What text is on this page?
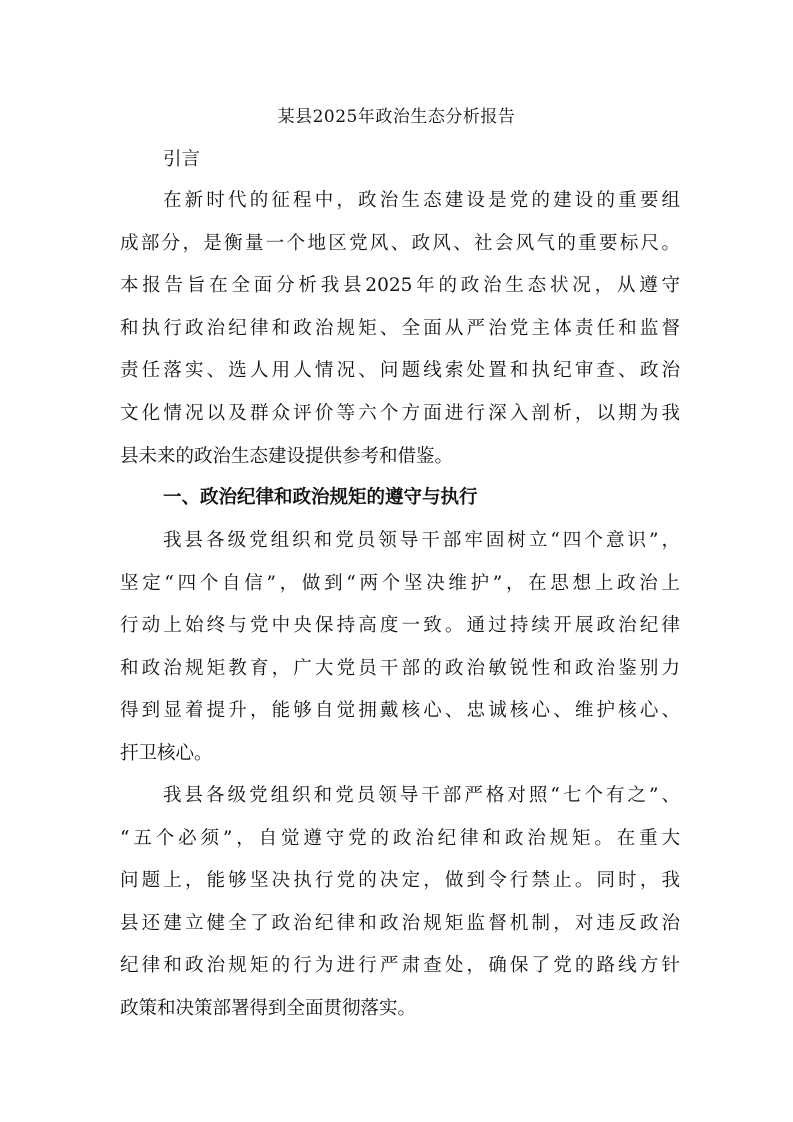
某县2025年政治生态分析报告
引言
在新时代的征程中，政治生态建设是党的建设的重要组
成部分，是衡量一个地区党风、政风、社会风气的重要标尺。
本报告旨在全面分析我县2025年的政治生态状况，从遵守
和执行政治纪律和政治规矩、全面从严治党主体责任和监督
责任落实、选人用人情况、问题线索处置和执纪审查、政治
文化情况以及群众评价等六个方面进行深入剖析，以期为我
县未来的政治生态建设提供参考和借鉴。
一、政治纪律和政治规矩的遵守与执行
我县各级党组织和党员领导干部牢固树立“四个意识”，
坚定“四个自信”，做到“两个坚决维护”，在思想上政治上
行动上始终与党中央保持高度一致。通过持续开展政治纪律
和政治规矩教育，广大党员干部的政治敏锐性和政治鉴别力
得到显着提升，能够自觉拥戴核心、忠诚核心、维护核心、
扞卫核心。
我县各级党组织和党员领导干部严格对照“七个有之”、
“五个必须”，自觉遵守党的政治纪律和政治规矩。在重大
问题上，能够坚决执行党的决定，做到令行禁止。同时，我
县还建立健全了政治纪律和政治规矩监督机制，对违反政治
纪律和政治规矩的行为进行严肃查处，确保了党的路线方针
政策和决策部署得到全面贯彻落实。
